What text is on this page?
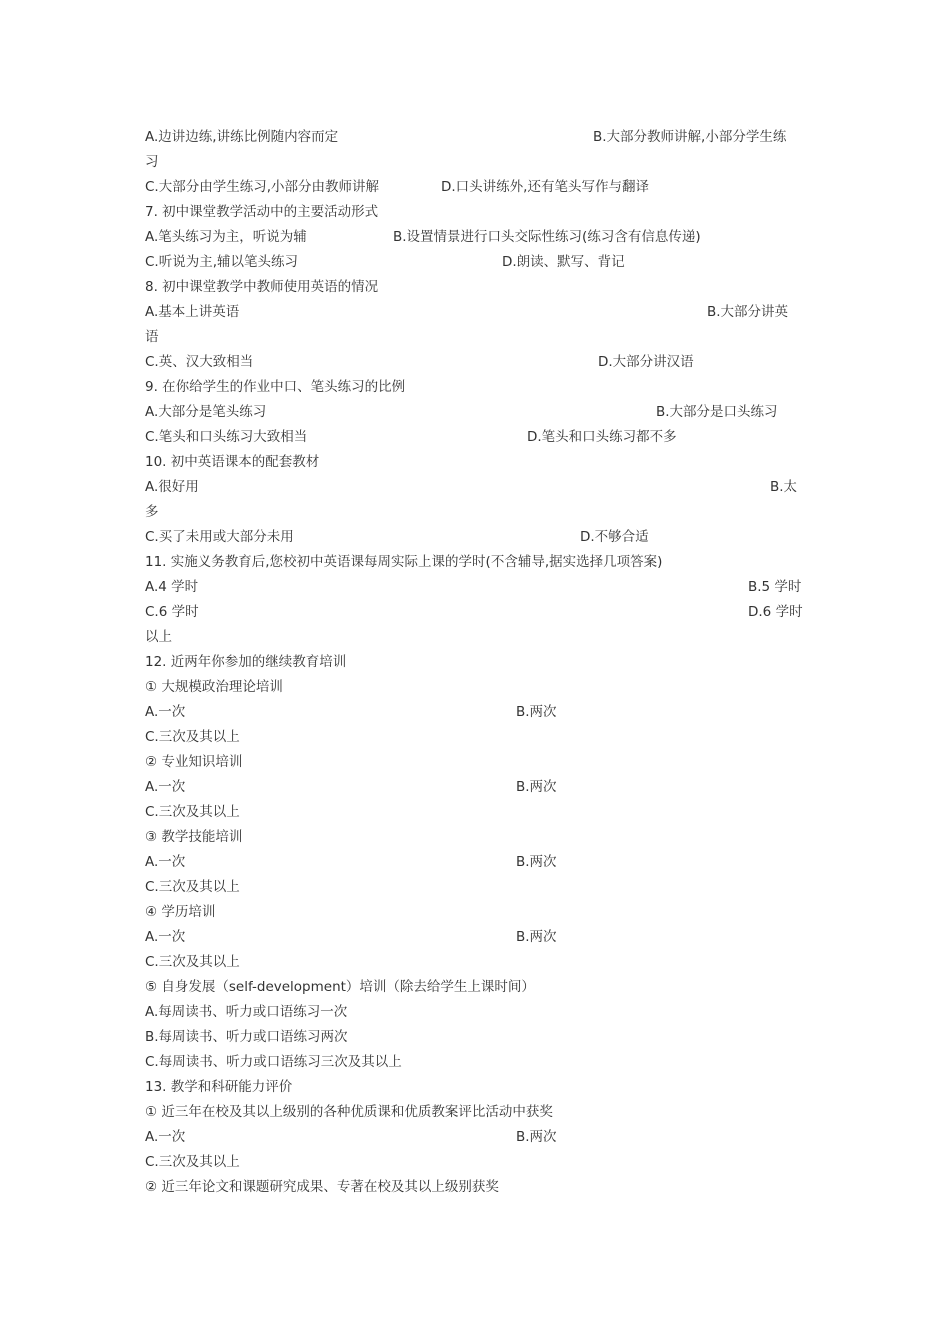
A.边讲边练,讲练比例随内容而定	B.大部分教师讲解,小部分学生练
习
C.大部分由学生练习,小部分由教师讲解	D.口头讲练外,还有笔头写作与翻译
7. 初中课堂教学活动中的主要活动形式
A.笔头练习为主，听说为辅	B.设置情景进行口头交际性练习(练习含有信息传递)
C.听说为主,辅以笔头练习	D.朗读、默写、背记
8. 初中课堂教学中教师使用英语的情况
A.基本上讲英语	B.大部分讲英
语
C.英、汉大致相当	D.大部分讲汉语
9. 在你给学生的作业中口、笔头练习的比例
A.大部分是笔头练习	B.大部分是口头练习
C.笔头和口头练习大致相当	D.笔头和口头练习都不多
10. 初中英语课本的配套教材
A.很好用	B.太
多
C.买了未用或大部分未用	D.不够合适
11. 实施义务教育后,您校初中英语课每周实际上课的学时(不含辅导,据实选择几项答案)
A.4 学时	B.5 学时
C.6 学时	D.6 学时
以上
12. 近两年你参加的继续教育培训
① 大规模政治理论培训
A.一次	B.两次
C.三次及其以上
② 专业知识培训
A.一次	B.两次
C.三次及其以上
③ 教学技能培训
A.一次	B.两次
C.三次及其以上
④ 学历培训
A.一次	B.两次
C.三次及其以上
⑤ 自身发展（self-development）培训（除去给学生上课时间）
A.每周读书、听力或口语练习一次
B.每周读书、听力或口语练习两次
C.每周读书、听力或口语练习三次及其以上
13. 教学和科研能力评价
① 近三年在校及其以上级别的各种优质课和优质教案评比活动中获奖
A.一次	B.两次
C.三次及其以上
② 近三年论文和课题研究成果、专著在校及其以上级别获奖
